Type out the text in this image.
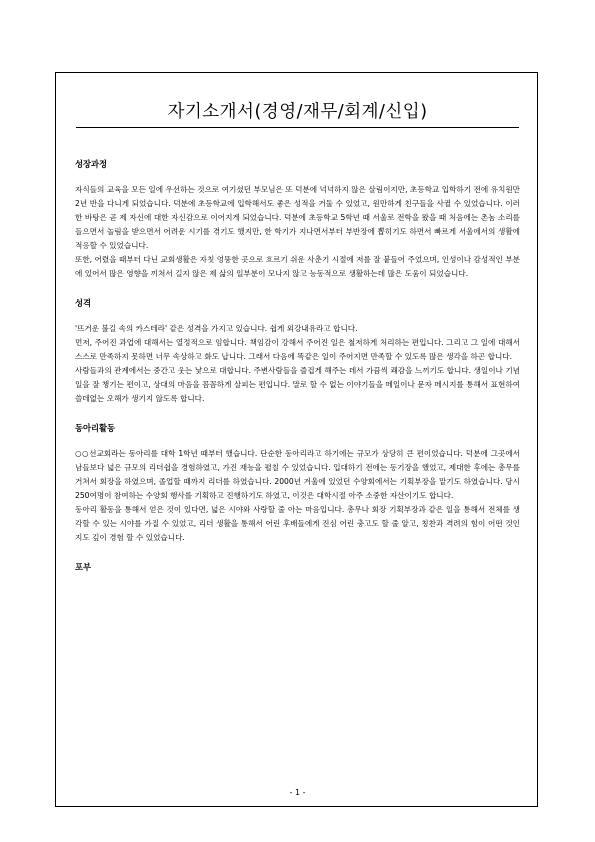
자기소개서(경영/재무/회계/신입)

성장과정

자식들의 교육을 모든 일에 우선하는 것으로 여기셨던 부모님은 또 덕분에 넉넉하지 않은 살림이지만, 초등학교 입학하기 전에 유치원만 2년 반을 다니게 되었습니다. 덕분에 초등학교에 입학해서도 좋은 성적을 거둘 수 있었고, 원만하게 친구들을 사귈 수 있었습니다. 이러한 바탕은 곧 제 자신에 대한 자신감으로 이어지게 되었습니다. 덕분에 초등학교 5학년 때 서울로 전학을 왔을 때 처음에는 촌놈 소리를 들으면서 놀림을 받으면서 어려운 시기를 겪기도 했지만, 한 학기가 지나면서부터 부반장에 뽑히기도 하면서 빠르게 서울에서의 생활에 적응할 수 있었습니다.

또한, 어렸을 때부터 다닌 교회생활은 자칫 엉뚱한 곳으로 흐르기 쉬운 사춘기 시절에 저를 잘 붙들어 주었으며, 인성이나 감성적인 부분에 있어서 많은 영향을 끼쳐서 길지 않은 제 삶의 일부분이 모나지 않고 능동적으로 생활하는데 많은 도움이 되었습니다.

성격

'뜨거운 불길 속의 카스테라' 같은 성격을 가지고 있습니다. 쉽게 외강내유라고 합니다.

먼저, 주어진 과업에 대해서는 열정적으로 임합니다. 책임감이 강해서 주어진 일은 철저하게 처리하는 편입니다. 그리고 그 일에 대해서 스스로 만족하지 못하면 너무 속상하고 화도 납니다. 그래서 다음에 똑같은 일이 주어지면 만족할 수 있도록 많은 생각을 하곤 합니다.

사람들과의 관계에서는 중간고 웃는 낯으로 대합니다. 주변사람들을 즐겁게 해주는 데서 가끔씩 쾌감을 느끼기도 합니다. 생일이나 기념일을 잘 챙기는 편이고, 상대의 마음을 꼼꼼하게 살피는 편입니다. 말로 할 수 없는 이야기들을 메일이나 문자 메시지를 통해서 표현하여 쓸데없는 오해가 생기지 않도록 합니다.

동아리활동

○○선교회라는 동아리를 대학 1학년 때부터 했습니다. 단순한 동아리라고 하기에는 규모가 상당히 큰 편이었습니다. 덕분에 그곳에서 남들보다 넓은 규모의 리더쉽을 경험하였고, 가진 재능을 펼칠 수 있었습니다. 입대하기 전에는 동기장을 했었고, 제대한 후에는 총무를 거쳐서 회장을 하였으며, 졸업할 때까지 리더를 하였습니다. 2000년 겨울에 있었던 수양회에서는 기획부장을 맡기도 하였습니다. 당시 250여명이 참여하는 수양회 행사를 기획하고 진행하기도 하였고, 이것은 대학시절 아주 소중한 자산이기도 합니다.

동아리 활동을 통해서 얻은 것이 있다면, 넓은 시야와 사랑할 줄 아는 마음입니다. 총무나 회장 기획부장과 같은 일을 통해서 전체를 생각할 수 있는 시야를 가질 수 있었고, 리더 생활을 통해서 어린 후배들에게 진심 어린 충고도 할 줄 알고, 칭찬과 격려의 힘이 어떤 것인지도 깊이 경험 할 수 있었습니다.

포부

- 1 -
